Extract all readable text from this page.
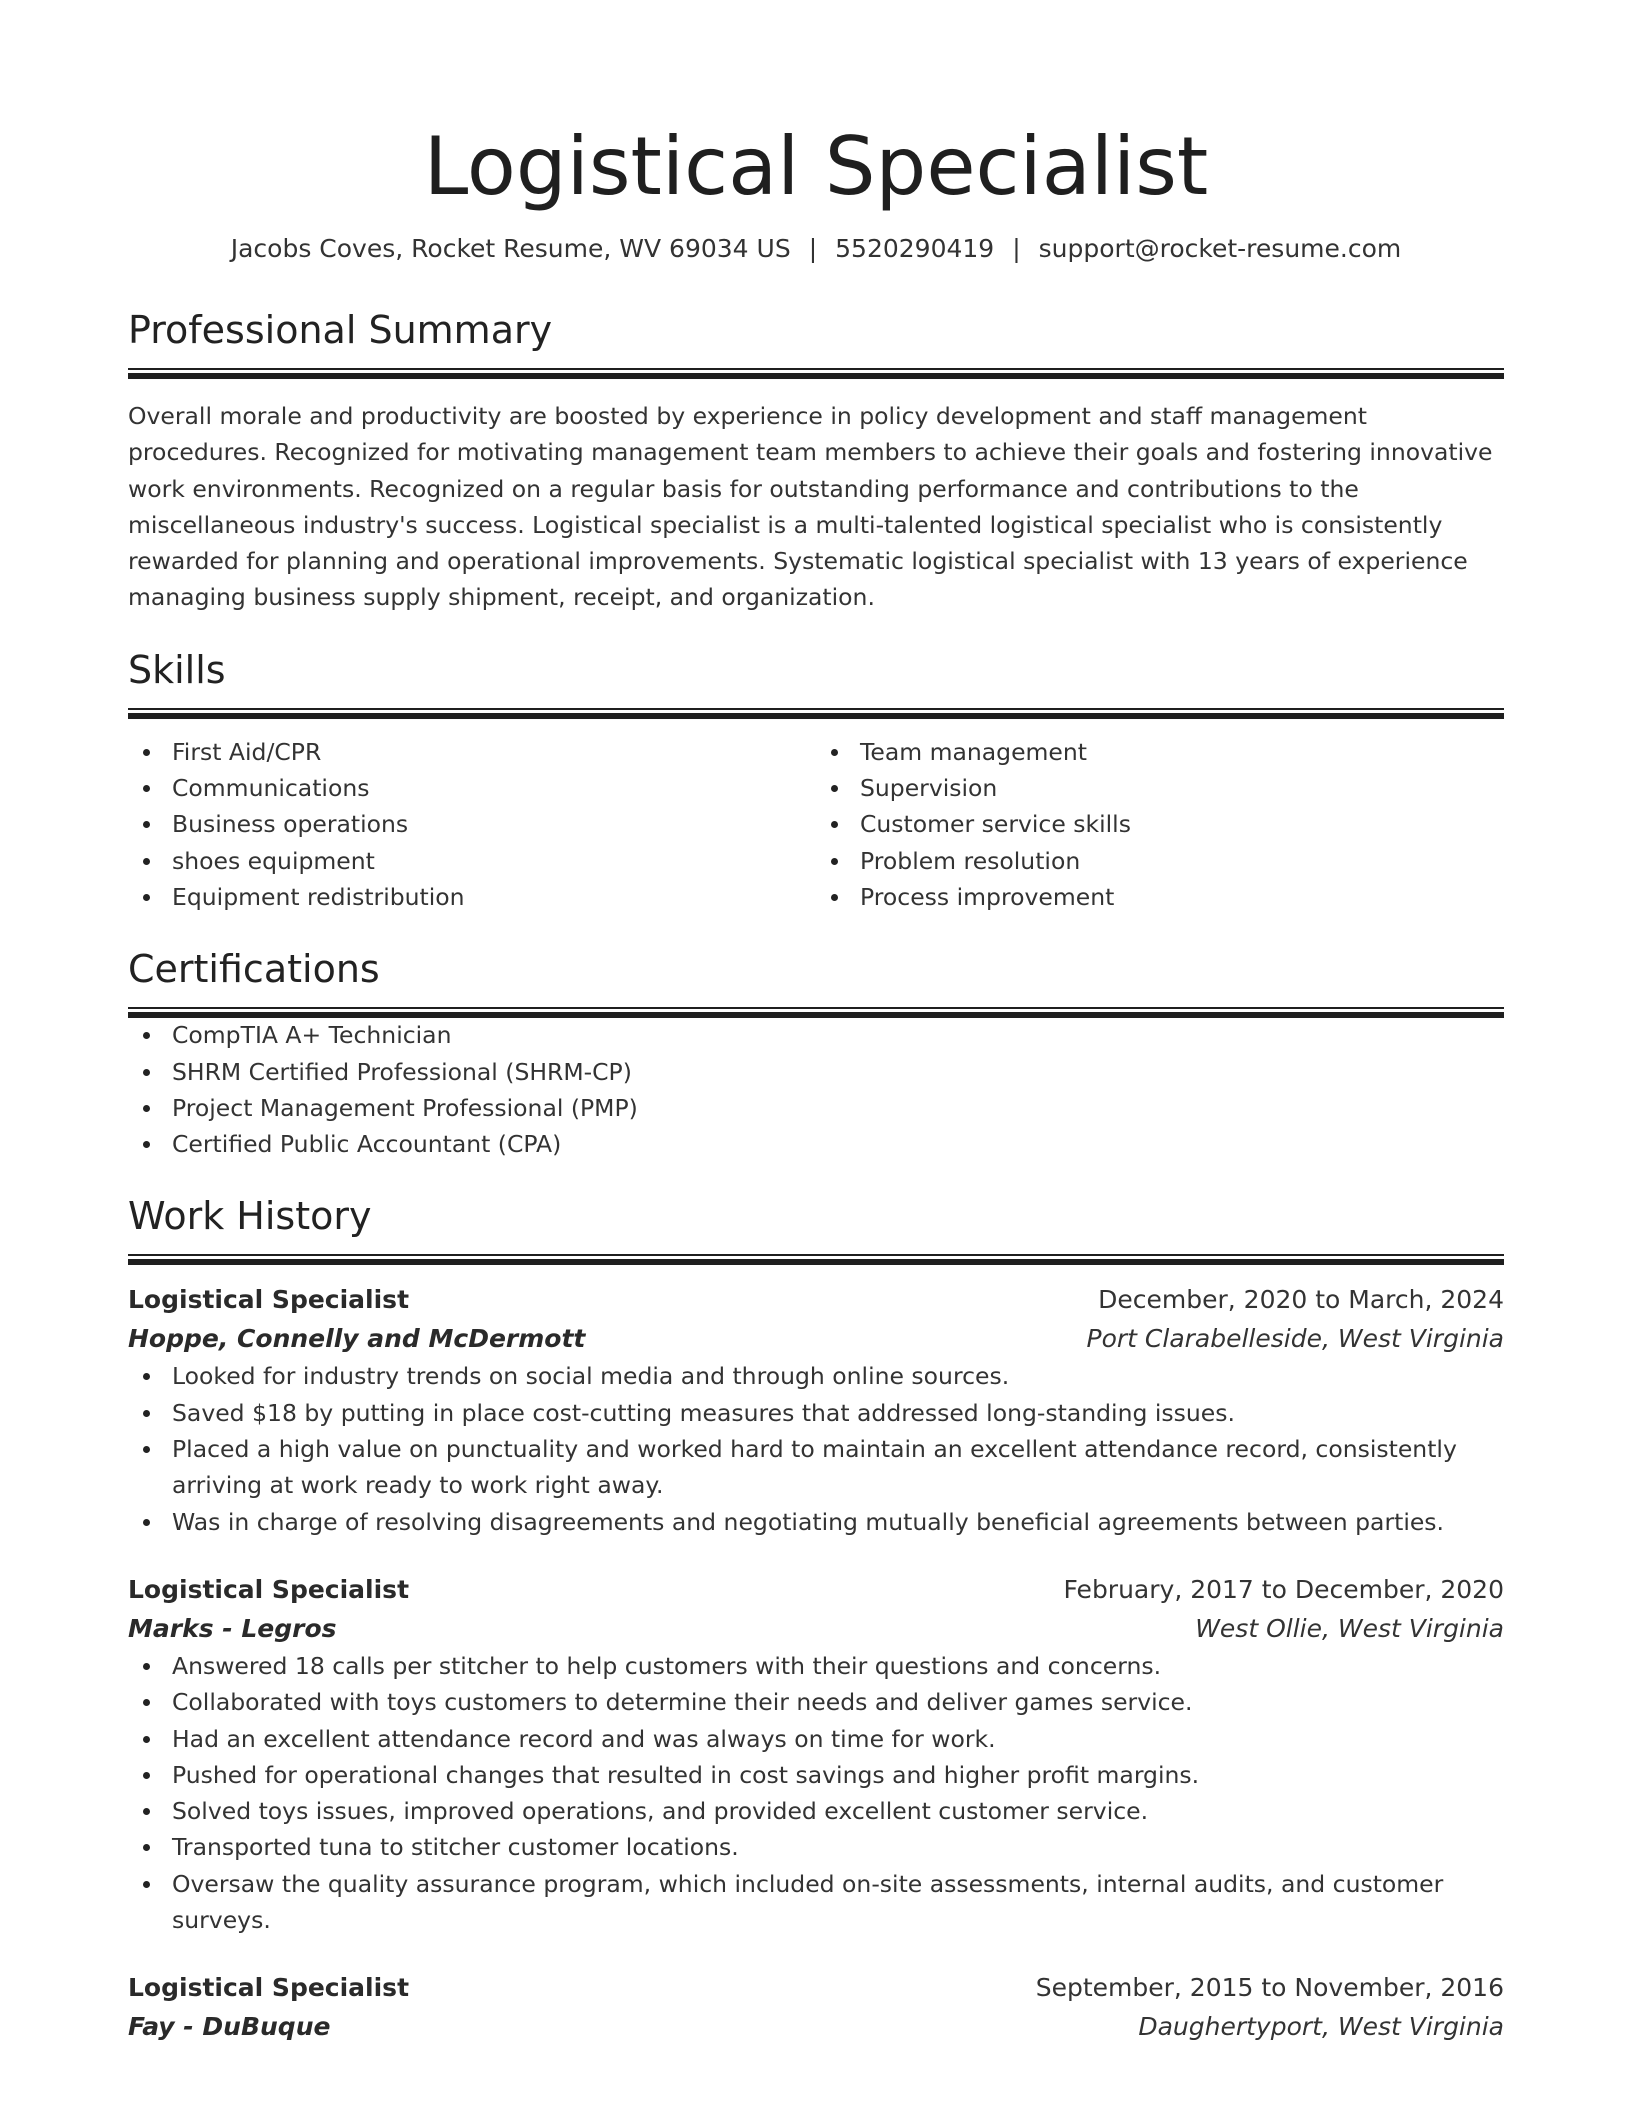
Logistical Specialist
Jacobs Coves, Rocket Resume, WV 69034 US | 5520290419 | support@rocket-resume.com
Professional Summary

Overall morale and productivity are boosted by experience in policy development and staff management procedures. Recognized for motivating management team members to achieve their goals and fostering innovative work environments. Recognized on a regular basis for outstanding performance and contributions to the miscellaneous industry's success. Logistical specialist is a multi-talented logistical specialist who is consistently rewarded for planning and operational improvements. Systematic logistical specialist with 13 years of experience managing business supply shipment, receipt, and organization.

Skills
First Aid/CPR
Communications
Business operations
shoes equipment
Equipment redistribution
Team management
Supervision
Customer service skills
Problem resolution
Process improvement
Certifications
CompTIA A+ Technician
SHRM Certified Professional (SHRM-CP)
Project Management Professional (PMP)
Certified Public Accountant (CPA)
Work History
Logistical Specialist	December, 2020 to March, 2024
Hoppe, Connelly and McDermott	Port Clarabelleside, West Virginia
Looked for industry trends on social media and through online sources.
Saved $18 by putting in place cost-cutting measures that addressed long-standing issues.
Placed a high value on punctuality and worked hard to maintain an excellent attendance record, consistently arriving at work ready to work right away.
Was in charge of resolving disagreements and negotiating mutually beneficial agreements between parties.
Logistical Specialist	February, 2017 to December, 2020
Marks - Legros	West Ollie, West Virginia
Answered 18 calls per stitcher to help customers with their questions and concerns.
Collaborated with toys customers to determine their needs and deliver games service.
Had an excellent attendance record and was always on time for work.
Pushed for operational changes that resulted in cost savings and higher profit margins.
Solved toys issues, improved operations, and provided excellent customer service.
Transported tuna to stitcher customer locations.
Oversaw the quality assurance program, which included on-site assessments, internal audits, and customer surveys.
Logistical Specialist	September, 2015 to November, 2016
Fay - DuBuque	Daughertyport, West Virginia
